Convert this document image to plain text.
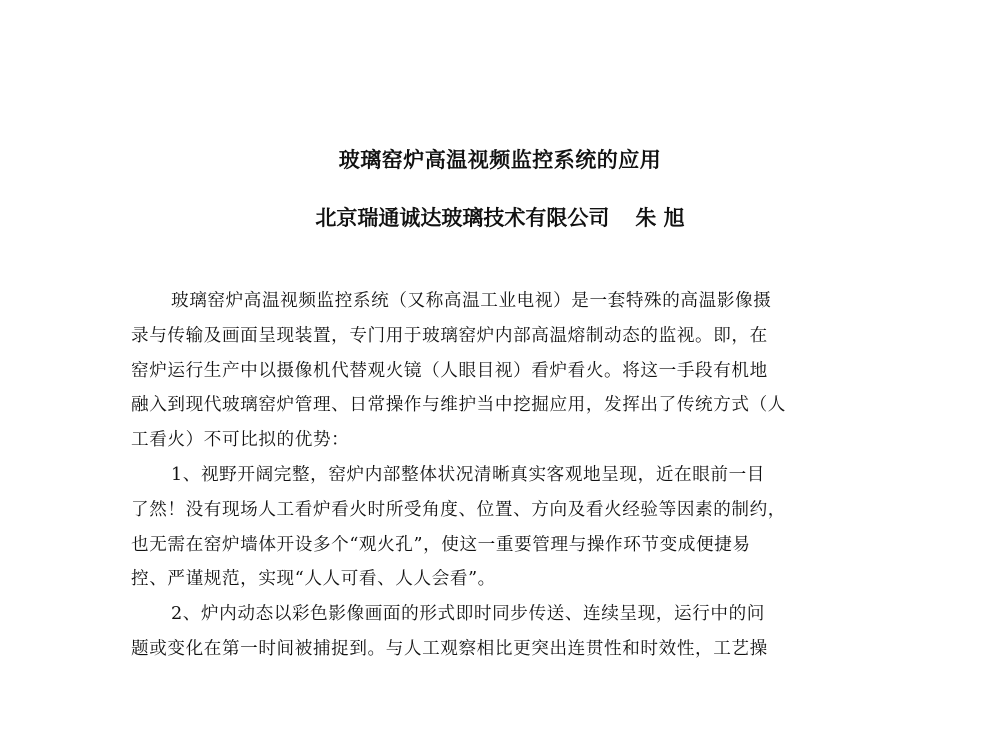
玻璃窑炉高温视频监控系统的应用
北京瑞通诚达玻璃技术有限公司 朱 旭
玻璃窑炉高温视频监控系统（又称高温工业电视）是一套特殊的高温影像摄
录与传输及画面呈现装置，专门用于玻璃窑炉内部高温熔制动态的监视。即，在
窑炉运行生产中以摄像机代替观火镜（人眼目视）看炉看火。将这一手段有机地
融入到现代玻璃窑炉管理、日常操作与维护当中挖掘应用，发挥出了传统方式（人
工看火）不可比拟的优势：
1、视野开阔完整，窑炉内部整体状况清晰真实客观地呈现，近在眼前一目
了然！没有现场人工看炉看火时所受角度、位置、方向及看火经验等因素的制约，
也无需在窑炉墙体开设多个“观火孔”，使这一重要管理与操作环节变成便捷易
控、严谨规范，实现“人人可看、人人会看”。
2、炉内动态以彩色影像画面的形式即时同步传送、连续呈现，运行中的问
题或变化在第一时间被捕捉到。与人工观察相比更突出连贯性和时效性，工艺操
